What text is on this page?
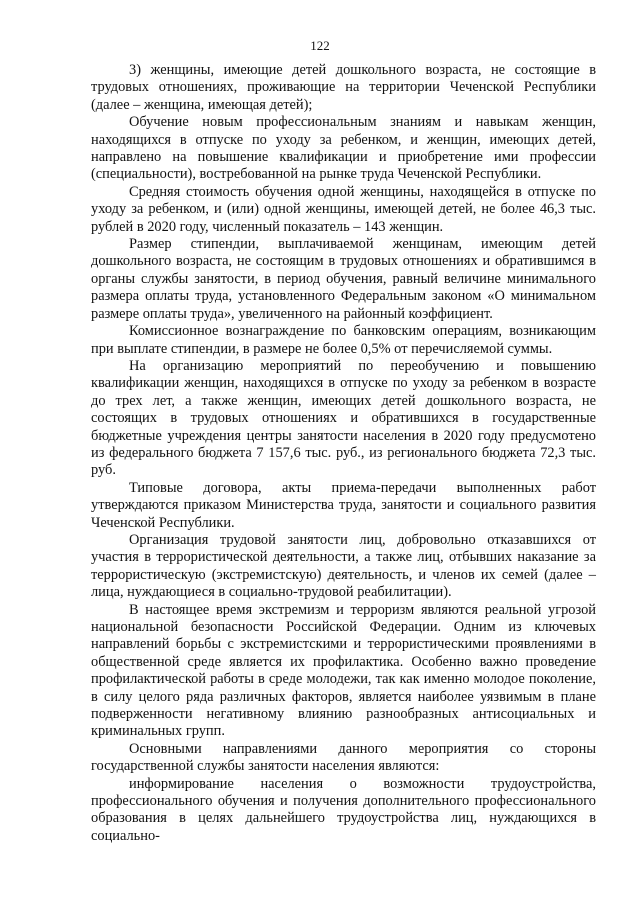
122

3) женщины, имеющие детей дошкольного возраста, не состоящие в трудовых отношениях, проживающие на территории Чеченской Республики (далее – женщина, имеющая детей);

Обучение новым профессиональным знаниям и навыкам женщин, находящихся в отпуске по уходу за ребенком, и женщин, имеющих детей, направлено на повышение квалификации и приобретение ими профессии (специальности), востребованной на рынке труда Чеченской Республики.

Средняя стоимость обучения одной женщины, находящейся в отпуске по уходу за ребенком, и (или) одной женщины, имеющей детей, не более 46,3 тыс. рублей в 2020 году, численный показатель – 143 женщин.

Размер стипендии, выплачиваемой женщинам, имеющим детей дошкольного возраста, не состоящим в трудовых отношениях и обратившимся в органы службы занятости, в период обучения, равный величине минимального размера оплаты труда, установленного Федеральным законом «О минимальном размере оплаты труда», увеличенного на районный коэффициент.

Комиссионное вознаграждение по банковским операциям, возникающим при выплате стипендии, в размере не более 0,5% от перечисляемой суммы.

На организацию мероприятий по переобучению и повышению квалификации женщин, находящихся в отпуске по уходу за ребенком в возрасте до трех лет, а также женщин, имеющих детей дошкольного возраста, не состоящих в трудовых отношениях и обратившихся в государственные бюджетные учреждения центры занятости населения в 2020 году предусмотено из федерального бюджета 7 157,6 тыс. руб., из регионального бюджета 72,3 тыс. руб.

Типовые договора, акты приема-передачи выполненных работ утверждаются приказом Министерства труда, занятости и социального развития Чеченской Республики.

Организация трудовой занятости лиц, добровольно отказавшихся от участия в террористической деятельности, а также лиц, отбывших наказание за террористическую (экстремистскую) деятельность, и членов их семей (далее – лица, нуждающиеся в социально-трудовой реабилитации).

В настоящее время экстремизм и терроризм являются реальной угрозой национальной безопасности Российской Федерации. Одним из ключевых направлений борьбы с экстремистскими и террористическими проявлениями в общественной среде является их профилактика. Особенно важно проведение профилактической работы в среде молодежи, так как именно молодое поколение, в силу целого ряда различных факторов, является наиболее уязвимым в плане подверженности негативному влиянию разнообразных антисоциальных и криминальных групп.

Основными направлениями данного мероприятия со стороны государственной службы занятости населения являются:

информирование населения о возможности трудоустройства, профессионального обучения и получения дополнительного профессионального образования в целях дальнейшего трудоустройства лиц, нуждающихся в социально-
